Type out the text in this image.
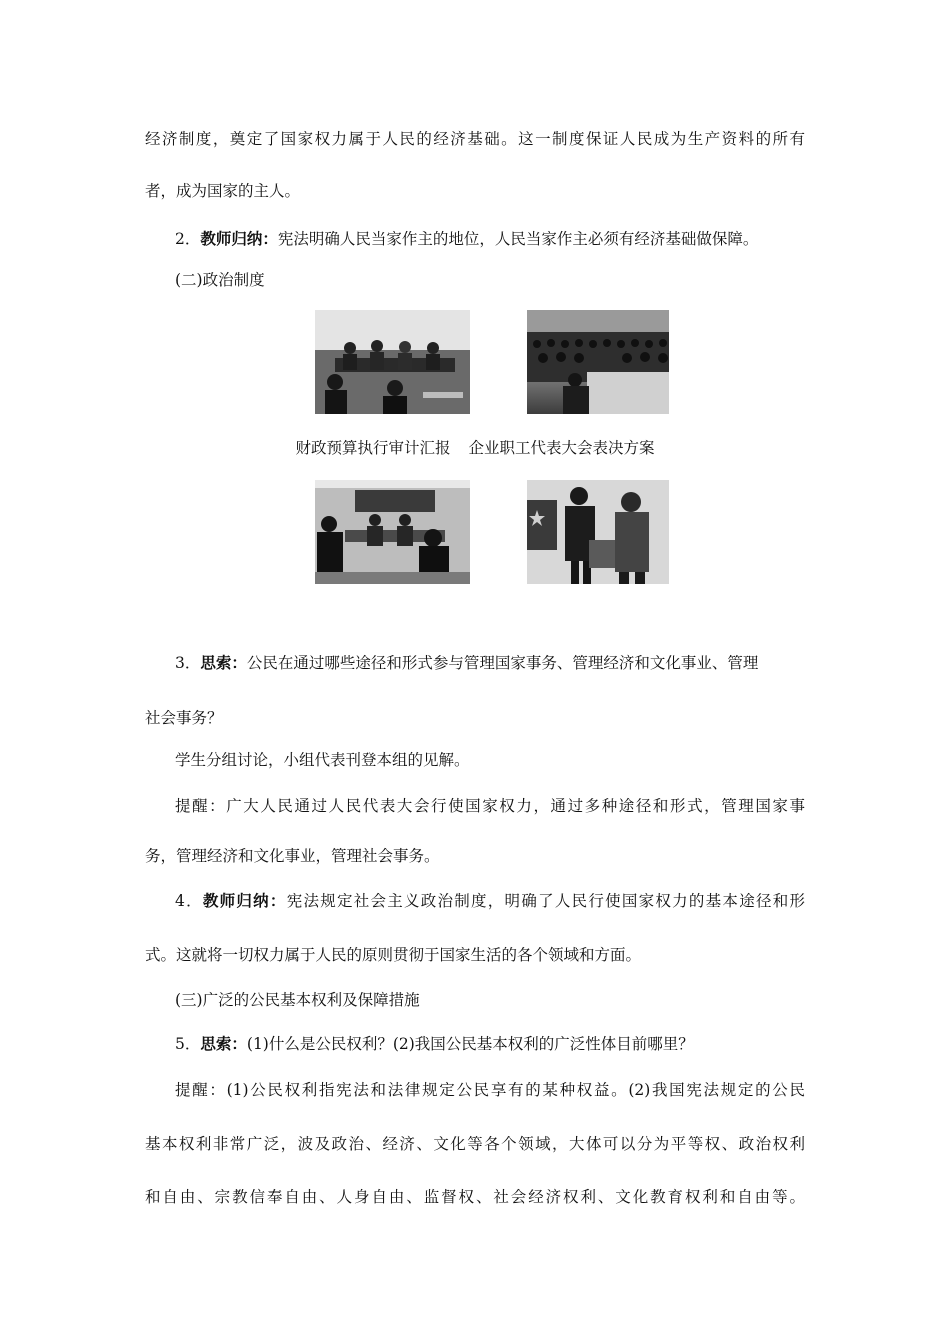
经济制度，奠定了国家权力属于人民的经济基础。这一制度保证人民成为生产资料的所有
者，成为国家的主人。
2．教师归纳：宪法明确人民当家作主的地位，人民当家作主必须有经济基础做保障。
(二)政治制度
财政预算执行审计汇报 企业职工代表大会表决方案
3．思索：公民在通过哪些途径和形式参与管理国家事务、管理经济和文化事业、管理
社会事务？
学生分组讨论，小组代表刊登本组的见解。
提醒：广大人民通过人民代表大会行使国家权力，通过多种途径和形式，管理国家事
务，管理经济和文化事业，管理社会事务。
4．教师归纳：宪法规定社会主义政治制度，明确了人民行使国家权力的基本途径和形
式。这就将一切权力属于人民的原则贯彻于国家生活的各个领域和方面。
(三)广泛的公民基本权利及保障措施
5．思索：(1)什么是公民权利？(2)我国公民基本权利的广泛性体目前哪里？
提醒：(1)公民权利指宪法和法律规定公民享有的某种权益。(2)我国宪法规定的公民
基本权利非常广泛，波及政治、经济、文化等各个领域，大体可以分为平等权、政治权利
和自由、宗教信奉自由、人身自由、监督权、社会经济权利、文化教育权利和自由等。
